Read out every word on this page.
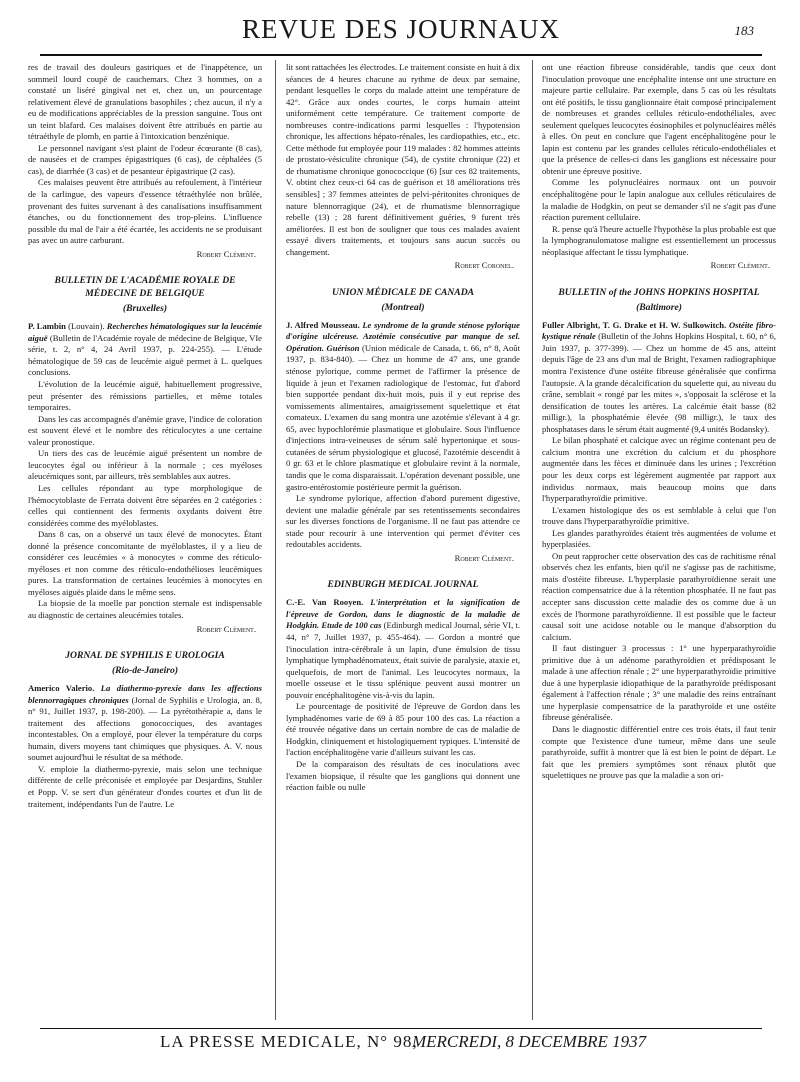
REVUE DES JOURNAUX	183

res de travail des douleurs gastriques et de l'inappétence, un sommeil lourd coupé de cauchemars. Chez 3 hommes, on a constaté un liséré gingival net et, chez un, un pourcentage relativement élevé de granulations basophiles ; chez aucun, il n'y a eu de modifications appréciables de la pression sanguine. Tous ont un teint blafard. Ces malaises doivent être attribués en partie au tétraéthyle de plomb, en partie à l'intoxication benzénique.

Le personnel navigant s'est plaint de l'odeur écœurante (8 cas), de nausées et de crampes épigastriques (6 cas), de céphalées (5 cas), de diarrhée (3 cas) et de pesanteur épigastrique (2 cas).

Ces malaises peuvent être attribués au refoulement, à l'intérieur de la carlingue, des vapeurs d'essence tétraéthylée non brûlée, provenant des fuites survenant à des canalisations insuffisamment étanches, ou du fonctionnement des trop-pleins. L'influence possible du mal de l'air a été écartée, les accidents ne se produisant pas avec un autre carburant.

Robert Clément.

BULLETIN DE L'ACADÉMIE ROYALE DE MÉDECINE DE BELGIQUE
(Bruxelles)

P. Lambin (Louvain). Recherches hématologiques sur la leucémie aiguë (Bulletin de l'Académie royale de médecine de Belgique, VIe série, t. 2, n° 4, 24 Avril 1937, p. 224-255). — L'étude hématologique de 59 cas de leucémie aiguë permet à L. quelques conclusions.

L'évolution de la leucémie aiguë, habituellement progressive, peut présenter des rémissions partielles, et même totales temporaires.

Dans les cas accompagnés d'anémie grave, l'indice de coloration est souvent élevé et le nombre des réticulocytes a une certaine valeur pronostique.

Un tiers des cas de leucémie aiguë présentent un nombre de leucocytes égal ou inférieur à la normale ; ces myéloses aleucémiques sont, par ailleurs, très semblables aux autres.

Les cellules répondant au type morphologique de l'hémocytoblaste de Ferrata doivent être séparées en 2 catégories : celles qui contiennent des ferments oxydants doivent être considérées comme des myéloblastes.

Dans 8 cas, on a observé un taux élevé de monocytes. Étant donné la présence concomitante de myéloblastes, il y a lieu de considérer ces leucémies « à monocytes » comme des réticulo-myéloses et non comme des réticulo-endothélioses leucémiques pures. La transformation de certaines leucémies à monocytes en myéloses aiguës plaide dans le même sens.

La biopsie de la moelle par ponction sternale est indispensable au diagnostic de certaines aleucémies totales.

Robert Clément.

JORNAL DE SYPHILIS E UROLOGIA
(Rio-de-Janeiro)

Americo Valerio. La diathermo-pyrexie dans les affections blennorragiques chroniques (Jornal de Syphilis e Urologia, an. 8, n° 91, Juillet 1937, p. 198-200). — La pyrétothérapie a, dans le traitement des affections gonococciques, des avantages incontestables. On a employé, pour élever la température du corps humain, divers moyens tant chimiques que physiques. A. V. nous soumet aujourd'hui le résultat de sa méthode.

V. emploie la diathermo-pyrexie, mais selon une technique différente de celle préconisée et employée par Desjardins, Stuhler et Popp. V. se sert d'un générateur d'ondes courtes et d'un lit de traitement, indépendants l'un de l'autre. Le

lit sont rattachées les électrodes. Le traitement consiste en huit à dix séances de 4 heures chacune au rythme de deux par semaine, pendant lesquelles le corps du malade atteint une température de 42°. Grâce aux ondes courtes, le corps humain atteint uniformément cette température. Ce traitement comporte de nombreuses contre-indications parmi lesquelles : l'hypotension chronique, les affections hépato-rénales, les cardiopathies, etc., etc. Cette méthode fut employée pour 119 malades : 82 hommes atteints de prostato-vésiculite chronique (54), de cystite chronique (22) et de rhumatisme chronique gonococcique (6) [sur ces 82 traitements, V. obtint chez ceux-ci 64 cas de guérison et 18 améliorations très sensibles] ; 37 femmes atteintes de pelvi-péritonites chroniques de nature blennorragique (24), et de rhumatisme blennorragique rebelle (13) ; 28 furent définitivement guéries, 9 furent très améliorées. Il est bon de souligner que tous ces malades avaient essayé divers traitements, et toujours sans aucun succès ou changement.

Robert Coronel.

UNION MÉDICALE DE CANADA
(Montreal)

J. Alfred Mousseau. Le syndrome de la grande sténose pylorique d'origine ulcéreuse. Azotémie consécutive par manque de sel. Opération. Guérison (Union médicale de Canada, t. 66, n° 8, Août 1937, p. 834-840). — Chez un homme de 47 ans, une grande sténose pylorique, comme permet de l'affirmer la présence de liquide à jeun et l'examen radiologique de l'estomac, fut d'abord bien supportée pendant dix-huit mois, puis il y eut reprise des vomissements alimentaires, amaigrissement squelettique et état comateux. L'examen du sang montra une azotémie s'élevant à 4 gr. 65, avec hypochlorémie plasmatique et globulaire. Sous l'influence d'injections intra-veineuses de sérum salé hypertonique et sous-cutanées de sérum physiologique et glucosé, l'azotémie descendit à 0 gr. 63 et le chlore plasmatique et globulaire revint à la normale, tandis que le coma disparaissait. L'opération devenant possible, une gastro-entérostomie postérieure permit la guérison.

Le syndrome pylorique, affection d'abord purement digestive, devient une maladie générale par ses retentissements secondaires sur les diverses fonctions de l'organisme. Il ne faut pas attendre ce stade pour recourir à une intervention qui permet d'éviter ces redoutables accidents.

Robert Clément.

EDINBURGH MEDICAL JOURNAL

C.-E. Van Rooyen. L'interprétation et la signification de l'épreuve de Gordon, dans le diagnostic de la maladie de Hodgkin. Etude de 100 cas (Edinburgh medical Journal, série VI, t. 44, n° 7, Juillet 1937, p. 455-464). — Gordon a montré que l'inoculation intra-cérébrale à un lapin, d'une émulsion de tissu lymphatique lymphadénomateux, était suivie de paralysie, ataxie et, quelquefois, de mort de l'animal. Les leucocytes normaux, la moelle osseuse et le tissu splénique peuvent aussi montrer un pouvoir encéphalitogène vis-à-vis du lapin.

Le pourcentage de positivité de l'épreuve de Gordon dans les lymphadénomes varie de 69 à 85 pour 100 des cas. La réaction a été trouvée négative dans un certain nombre de cas de maladie de Hodgkin, cliniquement et histologiquement typiques. L'intensité de l'action encéphalitogène varie d'ailleurs suivant les cas.

De la comparaison des résultats de ces inoculations avec l'examen biopsique, il résulte que les ganglions qui donnent une réaction faible ou nulle

ont une réaction fibreuse considérable, tandis que ceux dont l'inoculation provoque une encéphalite intense ont une structure en majeure partie cellulaire. Par exemple, dans 5 cas où les résultats ont été positifs, le tissu ganglionnaire était composé principalement de nombreuses et grandes cellules réticulo-endothéliales, avec seulement quelques leucocytes éosinophiles et polynucléaires mêlés à elles. On peut en conclure que l'agent encéphalitogène pour le lapin est contenu par les grandes cellules réticulo-endothéliales et que la présence de celles-ci dans les ganglions est nécessaire pour obtenir une épreuve positive.

Comme les polynucléaires normaux ont un pouvoir encéphalitogène pour le lapin analogue aux cellules réticulaires de la maladie de Hodgkin, on peut se demander s'il ne s'agit pas d'une réaction purement cellulaire.

R. pense qu'à l'heure actuelle l'hypothèse la plus probable est que la lymphogranulomatose maligne est essentiellement un processus néoplasique affectant le tissu lymphatique.

Robert Clément.

BULLETIN of the JOHNS HOPKINS HOSPITAL
(Baltimore)

Fuller Albright, T. G. Drake et H. W. Sulkowitch. Ostéite fibro-kystique rénale (Bulletin of the Johns Hopkins Hospital, t. 60, n° 6, Juin 1937, p. 377-399). — Chez un homme de 45 ans, atteint depuis l'âge de 23 ans d'un mal de Bright, l'examen radiographique montra l'existence d'une ostéite fibreuse généralisée que confirma l'autopsie. A la grande décalcification du squelette qui, au niveau du crâne, semblait « rongé par les mites », s'opposait la sclérose et la densification de toutes les artères. La calcémie était basse (82 milligr.), la phosphatémie élevée (98 milligr.), le taux des phosphatases dans le sérum était augmenté (9,4 unités Bodansky).

Le bilan phosphaté et calcique avec un régime contenant peu de calcium montra une excrétion du calcium et du phosphore augmentée dans les fèces et diminuée dans les urines ; l'excrétion pour les deux corps est légèrement augmentée par rapport aux individus normaux, mais beaucoup moins que dans l'hyperparathyroïdie primitive.

L'examen histologique des os est semblable à celui que l'on trouve dans l'hyperparathyroïdie primitive.

Les glandes parathyroïdes étaient très augmentées de volume et hyperplasiées.

On peut rapprocher cette observation des cas de rachitisme rénal observés chez les enfants, bien qu'il ne s'agisse pas de rachitisme, mais d'ostéite fibreuse. L'hyperplasie parathyroïdienne serait une réaction compensatrice due à la rétention phosphatée. Il ne faut pas accepter sans discussion cette maladie des os comme due à un excès de l'hormone parathyroïdienne. Il est possible que le facteur causal soit une acidose notable ou le manque d'absorption du calcium.

Il faut distinguer 3 processus : 1° une hyperparathyroïdie primitive due à un adénome parathyroïdien et prédisposant le malade à une affection rénale ; 2° une hyperparathyroïdie primitive due à une hyperplasie idiopathique de la parathyroïde prédisposant également à l'affection rénale ; 3° une maladie des reins entraînant une hyperplasie compensatrice de la parathyroïde et une ostéite fibreuse généralisée.

Dans le diagnostic différentiel entre ces trois états, il faut tenir compte que l'existence d'une tumeur, même dans une seule parathyroïde, suffit à montrer que là est bien le point de départ. Le fait que les premiers symptômes sont rénaux plutôt que squelettiques ne prouve pas que la maladie a son ori-

LA PRESSE MEDICALE, N° 98,
MERCREDI, 8 DECEMBRE 1937
